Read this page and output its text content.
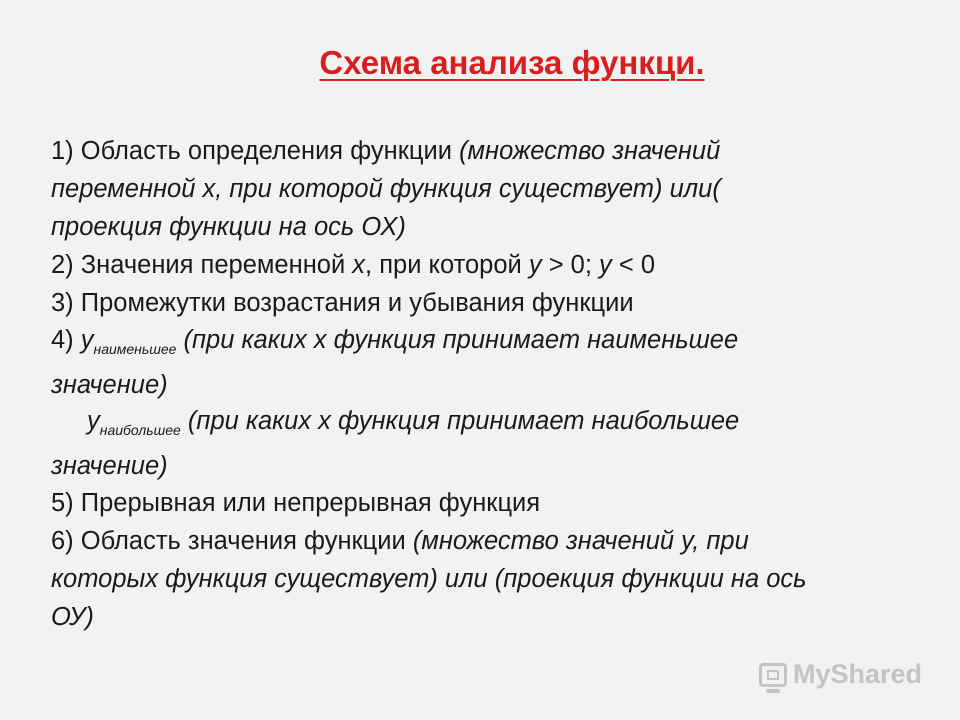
Схема анализа функци.
1) Область определения функции (множество значений
переменной х, при которой функция существует) или(
проекция функции на ось ОХ)
2) Значения переменной х, при которой у > 0; у < 0
3) Промежутки возрастания и убывания функции
4) $у_{наименьшее}$ (при каких х функция принимает наименьшее
значение)
$у_{наибольшее}$ (при каких х функция принимает наибольшее
значение)
5) Прерывная или непрерывная функция
6) Область значения функции (множество значений у, при
которых функция существует) или (проекция функции на ось
ОУ)
MyShared
